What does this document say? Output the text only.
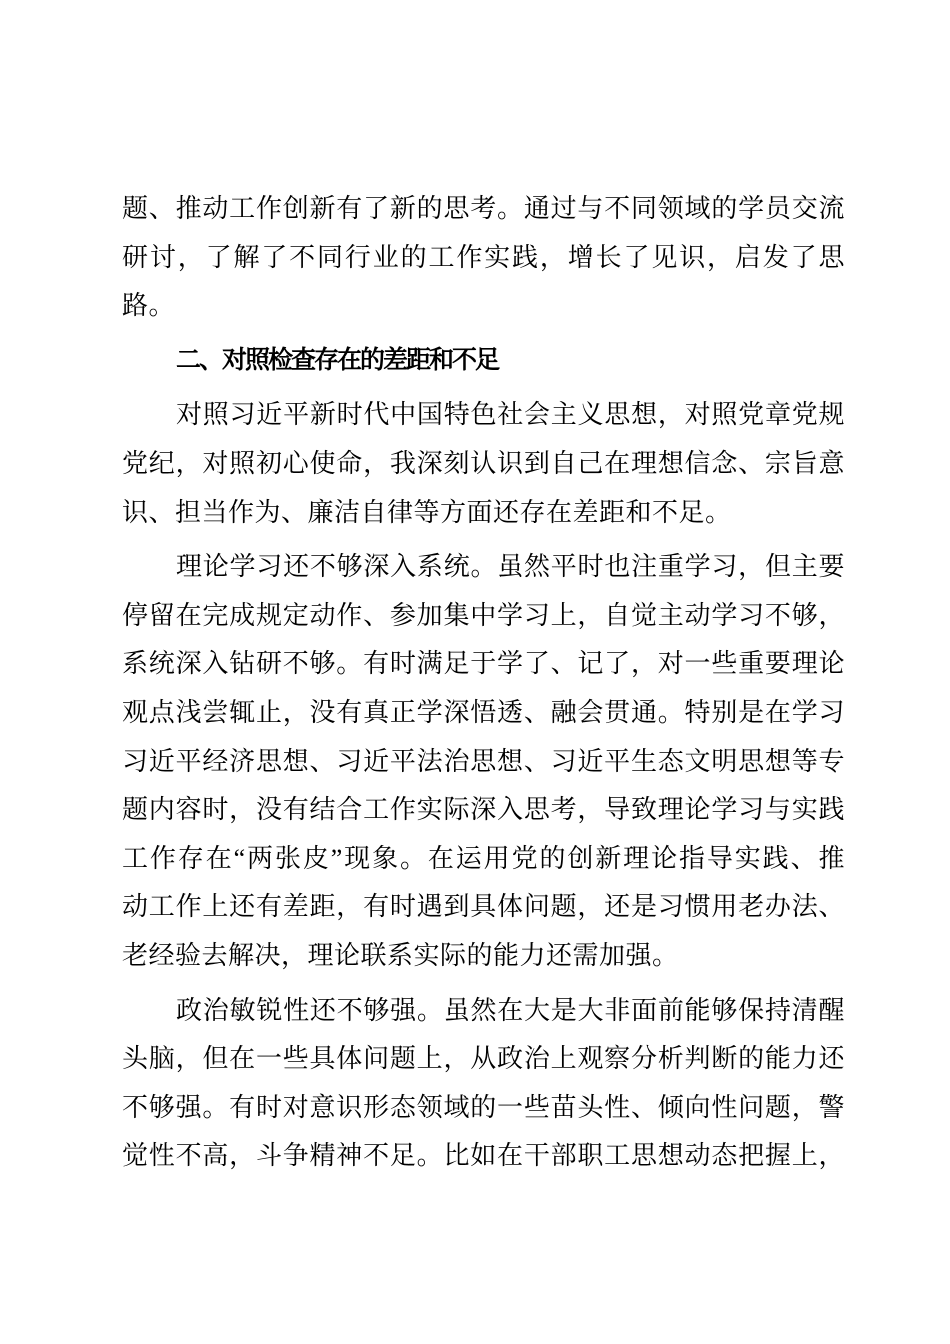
题、推动工作创新有了新的思考。通过与不同领域的学员交流
研讨，了解了不同行业的工作实践，增长了见识，启发了思
路。
二、对照检查存在的差距和不足
对照习近平新时代中国特色社会主义思想，对照党章党规
党纪，对照初心使命，我深刻认识到自己在理想信念、宗旨意
识、担当作为、廉洁自律等方面还存在差距和不足。
理论学习还不够深入系统。虽然平时也注重学习，但主要
停留在完成规定动作、参加集中学习上，自觉主动学习不够，
系统深入钻研不够。有时满足于学了、记了，对一些重要理论
观点浅尝辄止，没有真正学深悟透、融会贯通。特别是在学习
习近平经济思想、习近平法治思想、习近平生态文明思想等专
题内容时，没有结合工作实际深入思考，导致理论学习与实践
工作存在“两张皮”现象。在运用党的创新理论指导实践、推
动工作上还有差距，有时遇到具体问题，还是习惯用老办法、
老经验去解决，理论联系实际的能力还需加强。
政治敏锐性还不够强。虽然在大是大非面前能够保持清醒
头脑，但在一些具体问题上，从政治上观察分析判断的能力还
不够强。有时对意识形态领域的一些苗头性、倾向性问题，警
觉性不高，斗争精神不足。比如在干部职工思想动态把握上，
